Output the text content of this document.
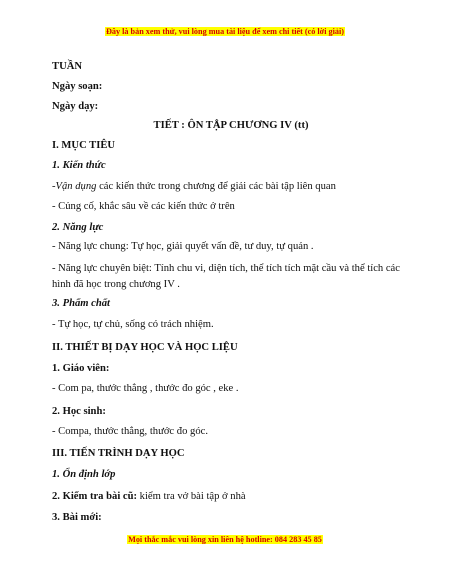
Đây là bản xem thử, vui lòng mua tài liệu để xem chi tiết (có lời giải)
TUẦN
Ngày soạn:
Ngày dạy:
TIẾT : ÔN TẬP CHƯƠNG IV (tt)
I. MỤC TIÊU
1. Kiến thức
-Vận dụng các kiến thức trong chương để giải các bài tập liên quan
- Củng cố, khắc sâu về các kiến thức ở trên
2. Năng lực
- Năng lực chung: Tự học, giải quyết vấn đề, tư duy, tự quản .
- Năng lực chuyên biệt: Tính chu vi, diện tích, thể tích tích mặt cầu và thể tích các hình đã học trong chương IV .
3. Phẩm chất
- Tự học, tự chủ, sống có trách nhiệm.
II. THIẾT BỊ DẠY HỌC VÀ HỌC LIỆU
1. Giáo viên:
- Com pa, thước thẳng , thước đo góc , eke .
2. Học sinh:
- Compa, thước thẳng, thước đo góc.
III. TIẾN TRÌNH DẠY HỌC
1. Ổn định lớp
2. Kiểm tra bài cũ: kiểm tra vở bài tập ở nhà
3. Bài mới:
Mọi thắc mắc vui lòng xin liên hệ hotline: 084 283 45 85
